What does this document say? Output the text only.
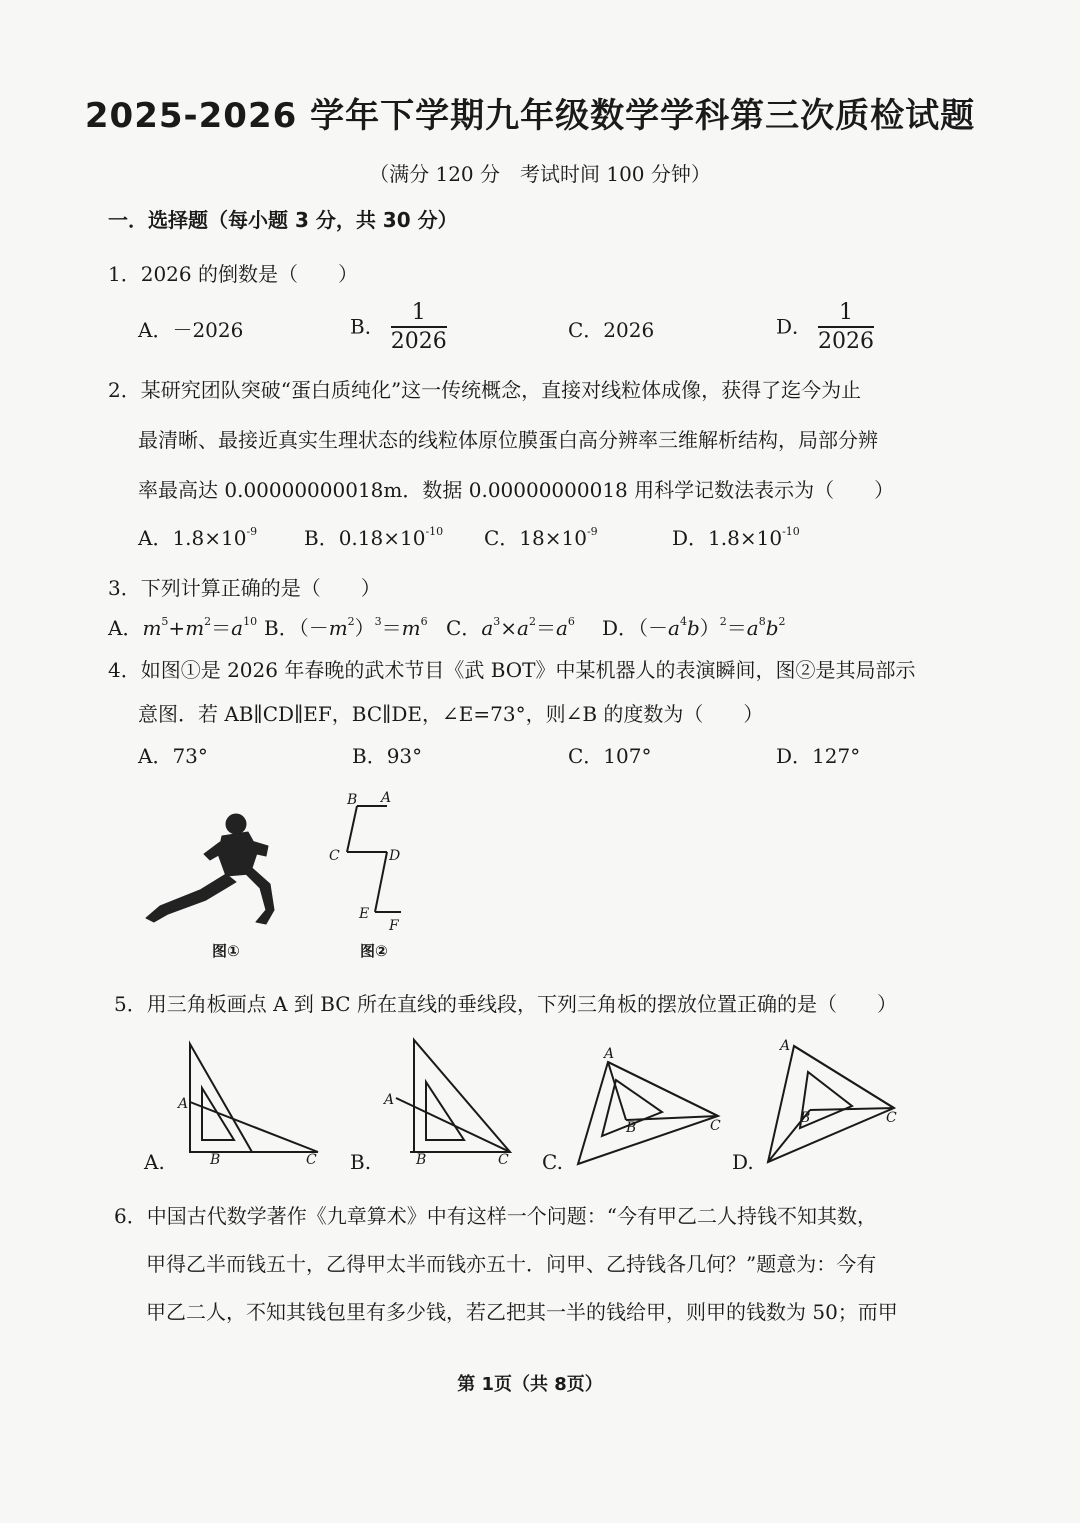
2025-2026 学年下学期九年级数学学科第三次质检试题
（满分 120 分　考试时间 100 分钟）
一．选择题（每小题 3 分，共 30 分）
1．2026 的倒数是（　　）
A．－2026	B． $\frac{1}{2026}$	C．2026	D． $\frac{1}{2026}$
2．某研究团队突破“蛋白质纯化”这一传统概念，直接对线粒体成像，获得了迄今为止
最清晰、最接近真实生理状态的线粒体原位膜蛋白高分辨率三维解析结构，局部分辨
率最高达 0.00000000018m．数据 0.00000000018 用科学记数法表示为（　　）
A．$1.8\times 10^{-9}$ B．$0.18\times 10^{-10}$ C．$18\times 10^{-9}$	D．$1.8\times 10^{-10}$
3．下列计算正确的是（　　）
A．$m^5+m^2=a^{10}$ B．$(-m^2)^3=m^6$ C．$a^3\times a^2=a^6$ D．$(-a^4b)^2=a^8b^2$
4．如图①是 2026 年春晚的武术节目《武 BOT》中某机器人的表演瞬间，图②是其局部示
意图．若 AB∥CD∥EF，BC∥DE，∠E=73°，则∠B 的度数为（　　）
A．73°	B．93°	C．107°	D．127°
图①
B A
C	D
E
F
图②
5．用三角板画点 A 到 BC 所在直线的垂线段，下列三角板的摆放位置正确的是（　　）
A
B	C
A.
A
B	C
B.
A
B	C
C.
A
B	C
D.
6．中国古代数学著作《九章算术》中有这样一个问题：“今有甲乙二人持钱不知其数，
甲得乙半而钱五十，乙得甲太半而钱亦五十．问甲、乙持钱各几何？”题意为：今有
甲乙二人，不知其钱包里有多少钱，若乙把其一半的钱给甲，则甲的钱数为 50；而甲
第 1页（共 8页）
